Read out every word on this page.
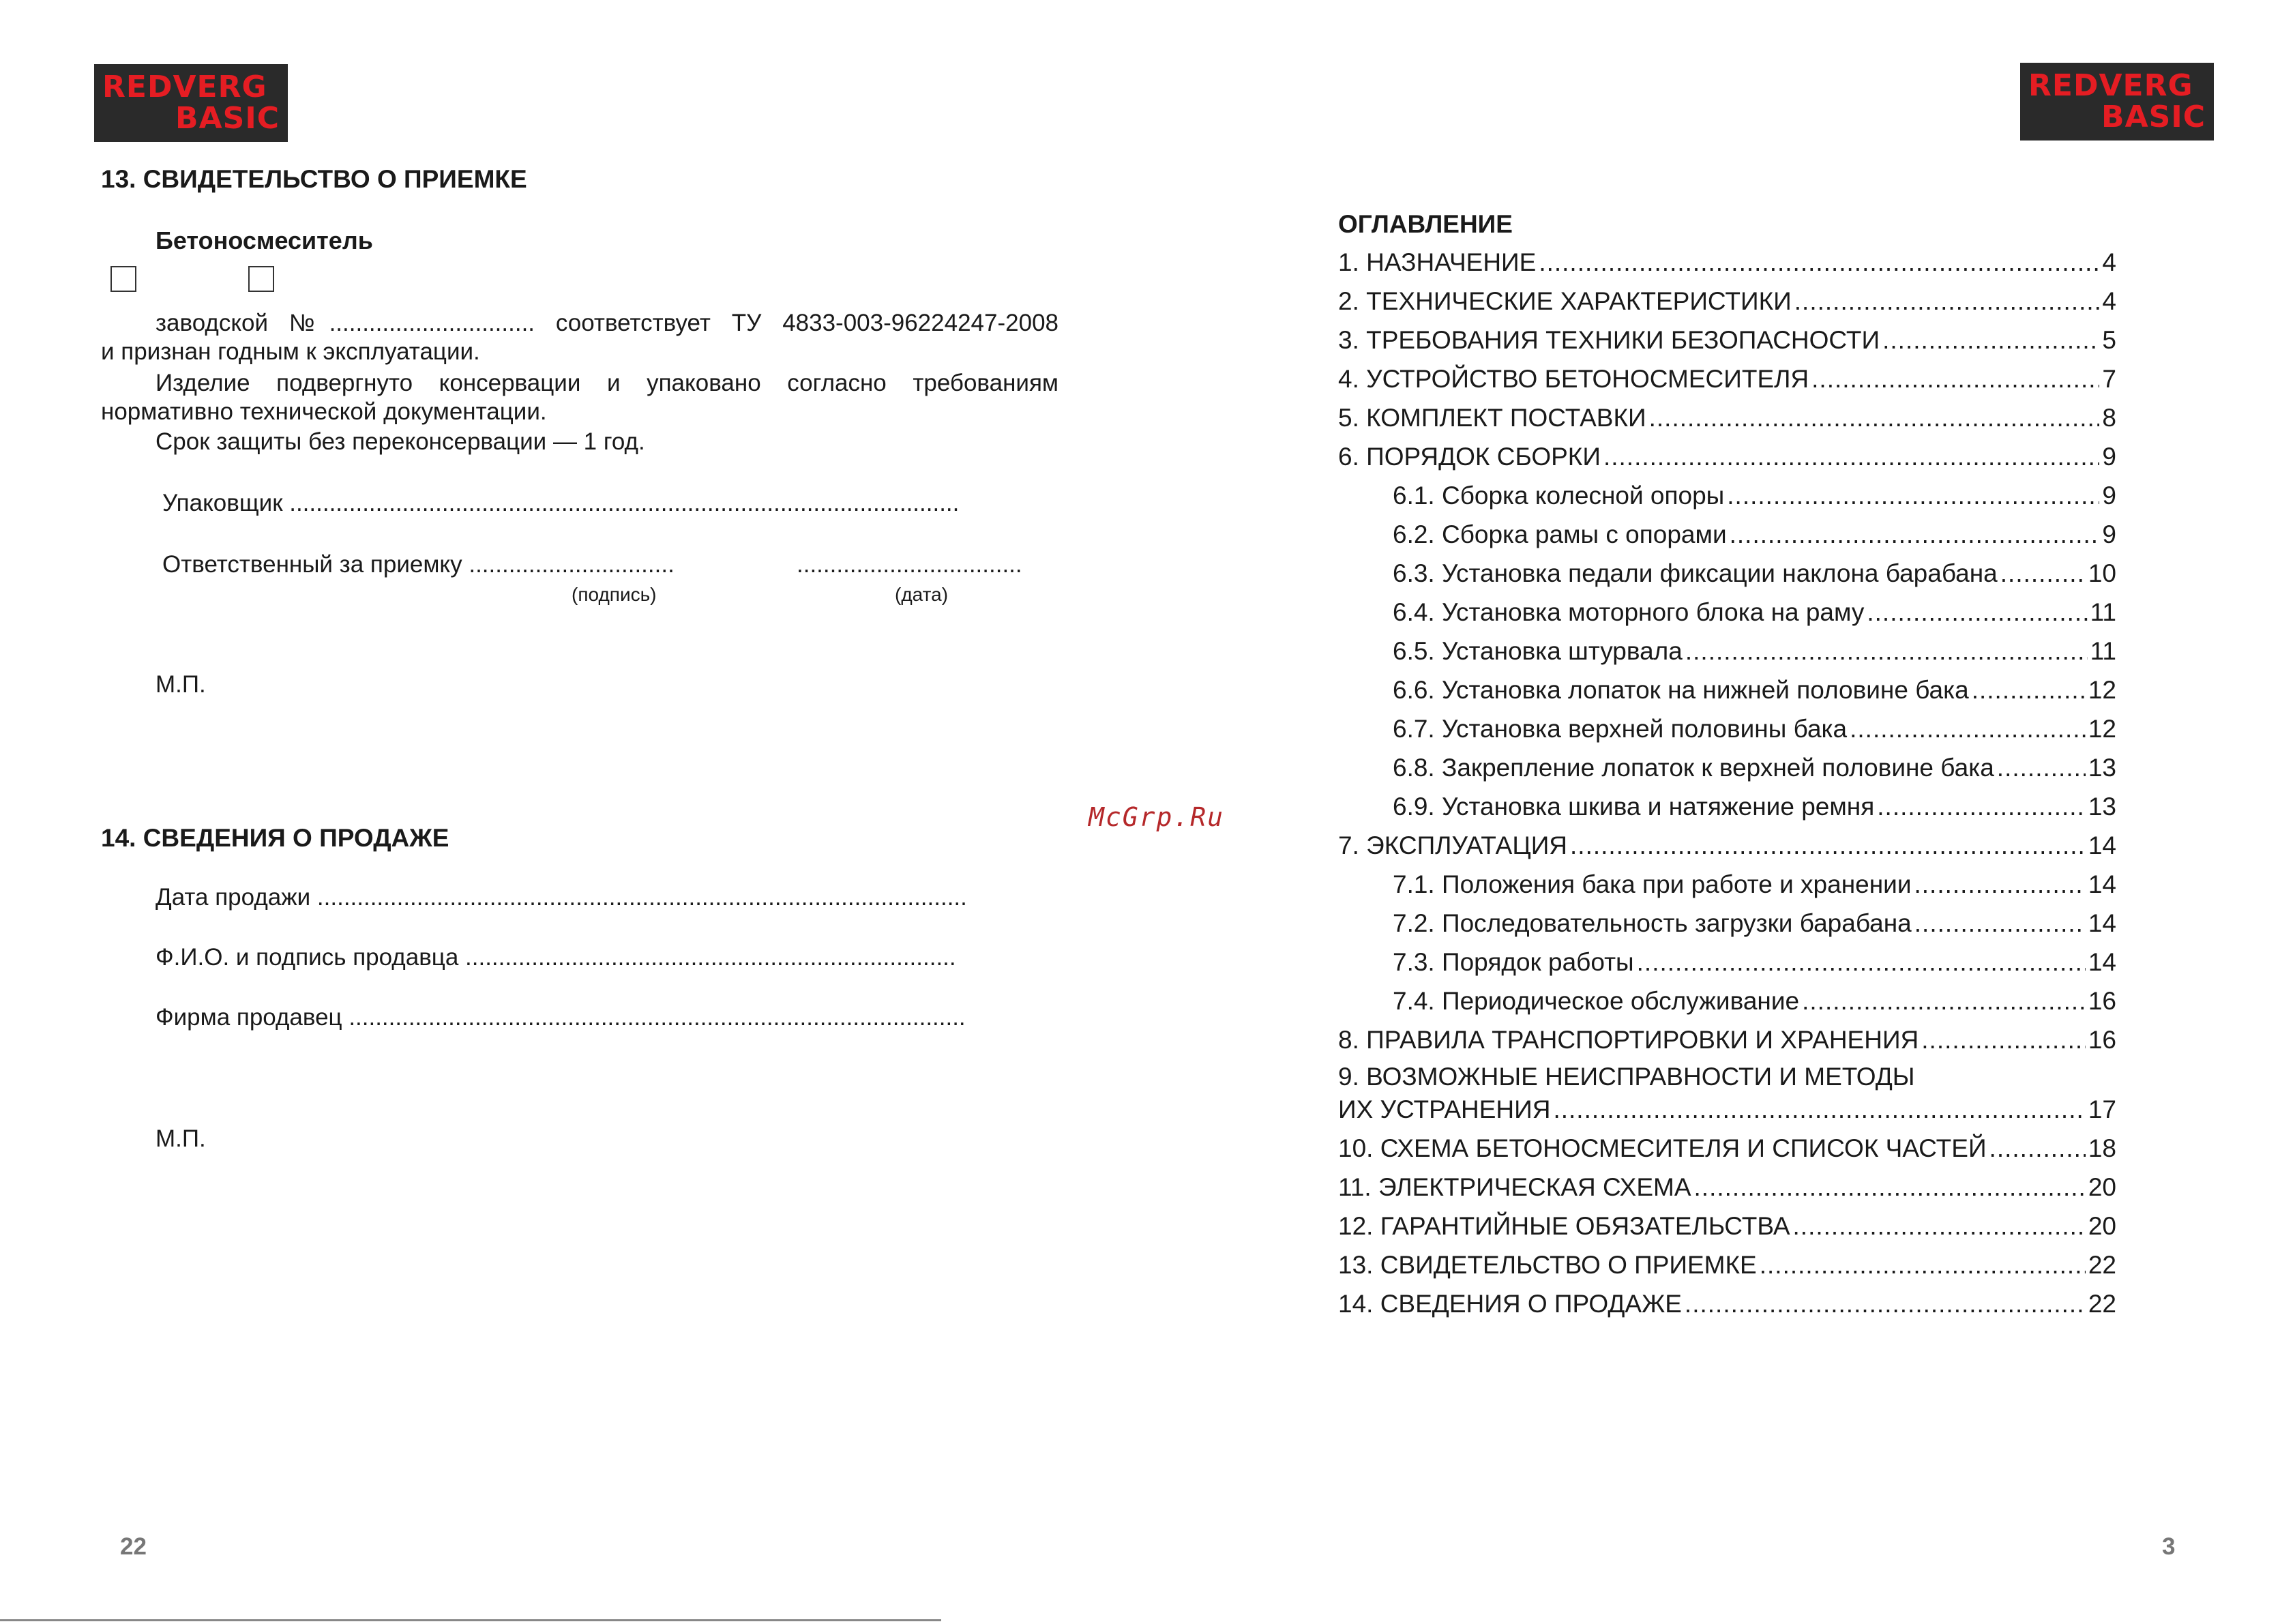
REDVERG
BASIC
REDVERG
BASIC
13. СВИДЕТЕЛЬСТВО О ПРИЕМКЕ
Бетоносмеситель
заводской №............................... соответствует ТУ 4833-003-96224247-2008
и признан годным к эксплуатации.
Изделие подвергнуто консервации и упаковано согласно требованиям
нормативно технической документации.
Срок защиты без переконсервации — 1 год.
Упаковщик .....................................................................................................
Ответственный за приемку ...............................	..................................
(подпись)	(дата)
М.П.
McGrp.Ru
14. СВЕДЕНИЯ О ПРОДАЖЕ
Дата продажи ..................................................................................................
Ф.И.О. и подпись продавца ..........................................................................
Фирма продавец .............................................................................................
М.П.
22
ОГЛАВЛЕНИЕ
1. НАЗНАЧЕНИЕ .....	4
2. ТЕХНИЧЕСКИЕ ХАРАКТЕРИСТИКИ .....	4
3. ТРЕБОВАНИЯ ТЕХНИКИ БЕЗОПАСНОСТИ .....	5
4. УСТРОЙСТВО БЕТОНОСМЕСИТЕЛЯ .....	7
5. КОМПЛЕКТ ПОСТАВКИ .....	8
6. ПОРЯДОК СБОРКИ .....	9
6.1. Сборка колесной опоры .....	9
6.2. Сборка рамы с опорами .....	9
6.3. Установка педали фиксации наклона барабана .....	10
6.4. Установка моторного блока на раму .....	11
6.5. Установка штурвала .....	11
6.6. Установка лопаток на нижней половине бака .....	12
6.7. Установка верхней половины бака .....	12
6.8. Закрепление лопаток к верхней половине бака .....	13
6.9. Установка шкива и натяжение ремня .....	13
7. ЭКСПЛУАТАЦИЯ .....	14
7.1. Положения бака при работе и хранении .....	14
7.2. Последовательность загрузки барабана .....	14
7.3. Порядок работы .....	14
7.4. Периодическое обслуживание .....	16
8. ПРАВИЛА ТРАНСПОРТИРОВКИ И ХРАНЕНИЯ .....	16
9. ВОЗМОЖНЫЕ НЕИСПРАВНОСТИ И МЕТОДЫ
ИХ УСТРАНЕНИЯ .....	17
10. СХЕМА БЕТОНОСМЕСИТЕЛЯ И СПИСОК ЧАСТЕЙ .....	18
11. ЭЛЕКТРИЧЕСКАЯ СХЕМА .....	20
12. ГАРАНТИЙНЫЕ ОБЯЗАТЕЛЬСТВА .....	20
13. СВИДЕТЕЛЬСТВО О ПРИЕМКЕ .....	22
14. СВЕДЕНИЯ О ПРОДАЖЕ .....	22
3
